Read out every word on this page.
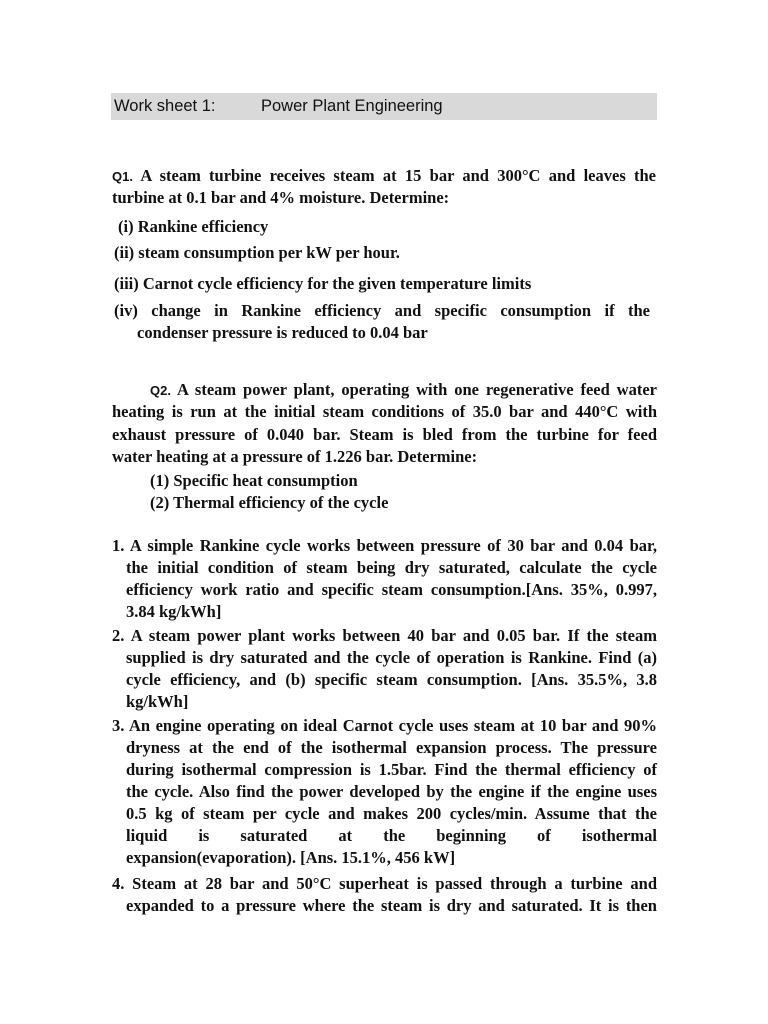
Work sheet 1:	Power Plant Engineering
Q1. A steam turbine receives steam at 15 bar and 300°C and leaves the
turbine at 0.1 bar and 4% moisture. Determine:
(i) Rankine efficiency
(ii) steam consumption per kW per hour.
(iii) Carnot cycle efficiency for the given temperature limits
(iv) change in Rankine efficiency and specific consumption if the
condenser pressure is reduced to 0.04 bar
Q2. A steam power plant, operating with one regenerative feed water
heating is run at the initial steam conditions of 35.0 bar and 440°C with
exhaust pressure of 0.040 bar. Steam is bled from the turbine for feed
water heating at a pressure of 1.226 bar. Determine:
(1) Specific heat consumption
(2) Thermal efficiency of the cycle
1. A simple Rankine cycle works between pressure of 30 bar and 0.04 bar,
the initial condition of steam being dry saturated, calculate the cycle
efficiency work ratio and specific steam consumption.[Ans. 35%, 0.997,
3.84 kg/kWh]
2. A steam power plant works between 40 bar and 0.05 bar. If the steam
supplied is dry saturated and the cycle of operation is Rankine. Find (a)
cycle efficiency, and (b) specific steam consumption. [Ans. 35.5%, 3.8
kg/kWh]
3. An engine operating on ideal Carnot cycle uses steam at 10 bar and 90%
dryness at the end of the isothermal expansion process. The pressure
during isothermal compression is 1.5bar. Find the thermal efficiency of
the cycle. Also find the power developed by the engine if the engine uses
0.5 kg of steam per cycle and makes 200 cycles/min. Assume that the
liquid is saturated at the beginning of isothermal
expansion(evaporation). [Ans. 15.1%, 456 kW]
4. Steam at 28 bar and 50°C superheat is passed through a turbine and
expanded to a pressure where the steam is dry and saturated. It is then
